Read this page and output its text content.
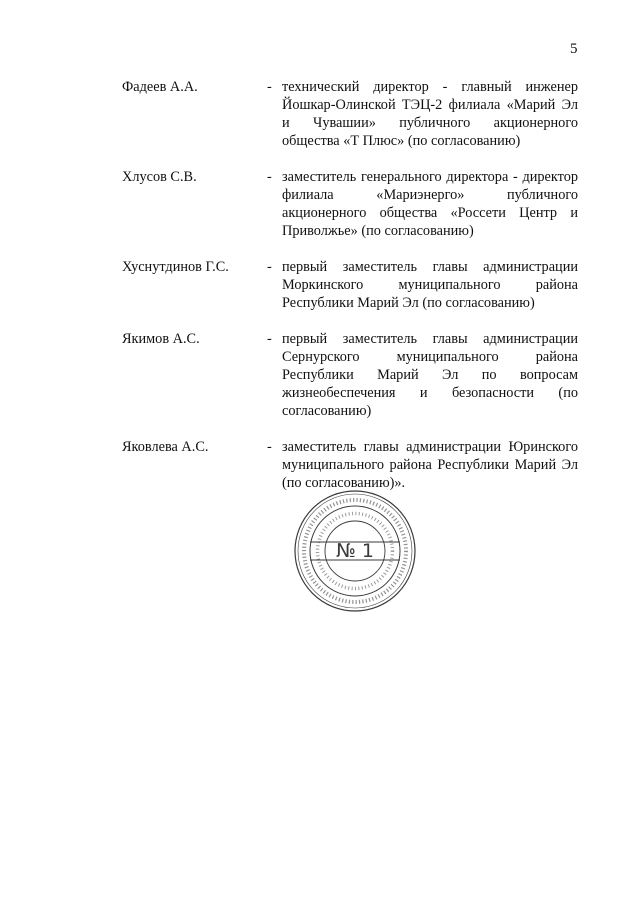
5
Фадеев А.А.	- технический директор - главный инженер Йошкар-Олинской ТЭЦ-2 филиала «Марий Эл и Чувашии» публичного акционерного общества «Т Плюс» (по согласованию)
Хлусов С.В.	- заместитель генерального директора - директор филиала «Мариэнерго» публичного акционерного общества «Россети Центр и Приволжье» (по согласованию)
Хуснутдинов Г.С.	- первый заместитель главы администрации Моркинского муниципального района Республики Марий Эл (по согласованию)
Якимов А.С.	- первый заместитель главы администрации Сернурского муниципального района Республики Марий Эл по вопросам жизнеобеспечения и безопасности (по согласованию)
Яковлева А.С.	- заместитель главы администрации Юринского муниципального района Республики Марий Эл (по согласованию)».
№ 1
